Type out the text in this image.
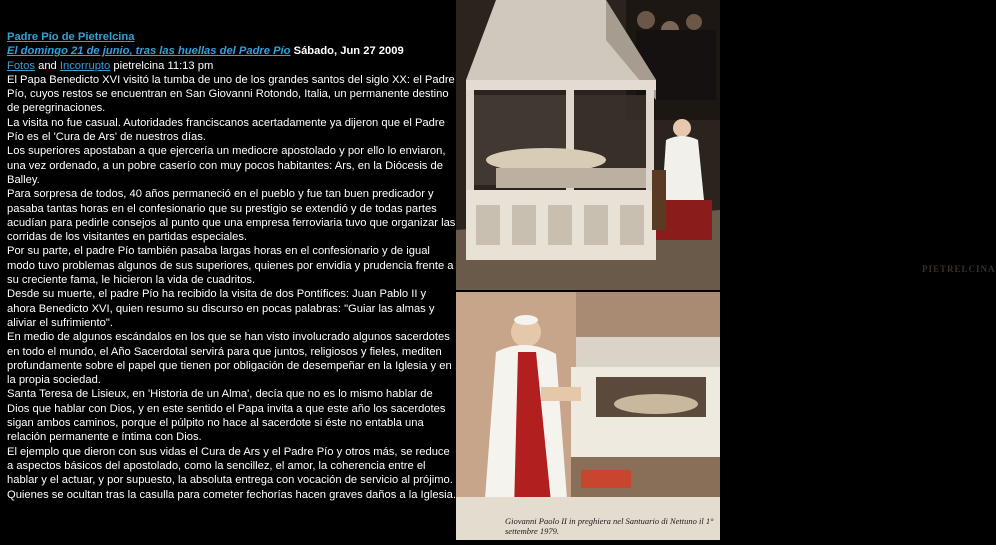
Padre Pío de Pietrelcina

El domingo 21 de junio, tras las huellas del Padre Pío Sábado, Jun 27 2009

Fotos and Incorrupto pietrelcina 11:13 pm

El Papa Benedicto XVI visitó la tumba de uno de los grandes santos del siglo XX: el Padre Pío, cuyos restos se encuentran en San Giovanni Rotondo, Italia, un permanente destino de peregrinaciones.

La visita no fue casual. Autoridades franciscanos acertadamente ya dijeron que el Padre Pío es el 'Cura de Ars' de nuestros días.

Los superiores apostaban a que ejercería un mediocre apostolado y por ello lo enviaron, una vez ordenado, a un pobre caserío con muy pocos habitantes: Ars, en la Diócesis de Balley.

Para sorpresa de todos, 40 años permaneció en el pueblo y fue tan buen predicador y pasaba tantas horas en el confesionario que su prestigio se extendió y de todas partes acudían para pedirle consejos al punto que una empresa ferroviaria tuvo que organizar las corridas de los visitantes en partidas especiales.

Por su parte, el padre Pío también pasaba largas horas en el confesionario y de igual modo tuvo problemas algunos de sus superiores, quienes por envidia y prudencia frente a su creciente fama, le hicieron la vida de cuadritos.

Desde su muerte, el padre Pío ha recibido la visita de dos Pontífices: Juan Pablo II y ahora Benedicto XVI, quien resumo su discurso en pocas palabras: "Guiar las almas y aliviar el sufrimiento".

En medio de algunos escándalos en los que se han visto involucrado algunos sacerdotes en todo el mundo, el Año Sacerdotal servirá para que juntos, religiosos y fieles, mediten profundamente sobre el papel que tienen por obligación de desempeñar en la Iglesia y en la propia sociedad.

Santa Teresa de Lisieux, en 'Historia de un Alma', decía que no es lo mismo hablar de Dios que hablar con Dios, y en este sentido el Papa invita a que este año los sacerdotes sigan ambos caminos, porque el púlpito no hace al sacerdote si éste no entabla una relación permanente e íntima con Dios.

El ejemplo que dieron con sus vidas el Cura de Ars y el Padre Pío y otros más, se reduce a aspectos básicos del apostolado, como la sencillez, el amor, la coherencia entre el hablar y el actuar, y por supuesto, la absoluta entrega con vocación de servicio al prójimo. Quienes se ocultan tras la casulla para cometer fechorías hacen graves daños a la Iglesia.

PIETRELCINA
Giovanni Paolo II in preghiera nel Santuario di Nettuno il 1° settembre 1979.
